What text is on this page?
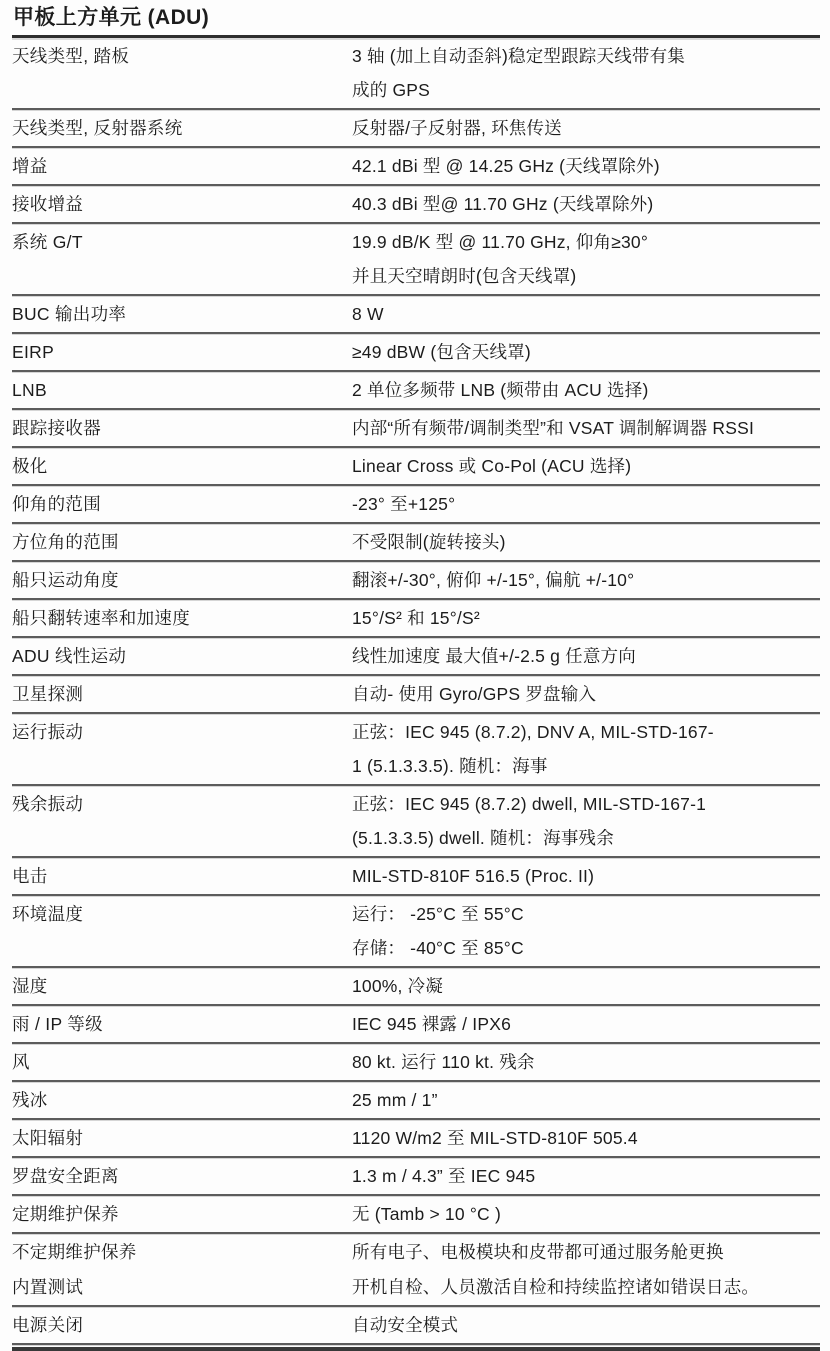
甲板上方单元 (ADU)
天线类型, 踏板	3 轴 (加上自动歪斜)稳定型跟踪天线带有集
成的 GPS
天线类型, 反射器系统	反射器/子反射器, 环焦传送
增益	42.1 dBi 型 @ 14.25 GHz (天线罩除外)
接收增益	40.3 dBi 型@ 11.70 GHz (天线罩除外)
系统 G/T	19.9 dB/K 型 @ 11.70 GHz, 仰角≥30°
并且天空晴朗时(包含天线罩)
BUC 输出功率	8 W
EIRP	≥49 dBW (包含天线罩)
LNB	2 单位多频带 LNB (频带由 ACU 选择)
跟踪接收器	内部“所有频带/调制类型”和 VSAT 调制解调器 RSSI
极化	Linear Cross 或 Co-Pol (ACU 选择)
仰角的范围	-23° 至+125°
方位角的范围	不受限制(旋转接头)
船只运动角度	翻滚+/-30°, 俯仰 +/-15°, 偏航 +/-10°
船只翻转速率和加速度	15°/S² 和 15°/S²
ADU 线性运动	线性加速度 最大值+/-2.5 g 任意方向
卫星探测	自动- 使用 Gyro/GPS 罗盘输入
运行振动	正弦：IEC 945 (8.7.2), DNV A, MIL-STD-167-
1 (5.1.3.3.5). 随机：海事
残余振动	正弦：IEC 945 (8.7.2) dwell, MIL-STD-167-1
(5.1.3.3.5) dwell. 随机：海事残余
电击	MIL-STD-810F 516.5 (Proc. II)
环境温度	运行： -25°C 至 55°C
存储： -40°C 至 85°C
湿度	100%, 冷凝
雨 / IP 等级	IEC 945 裸露 / IPX6
风	80 kt. 运行 110 kt. 残余
残冰	25 mm / 1”
太阳辐射	1120 W/m2 至 MIL-STD-810F 505.4
罗盘安全距离	1.3 m / 4.3” 至 IEC 945
定期维护保养	无 (Tamb > 10 °C )
不定期维护保养	所有电子、电极模块和皮带都可通过服务舱更换
内置测试	开机自检、人员激活自检和持续监控诸如错误日志。
电源关闭	自动安全模式
